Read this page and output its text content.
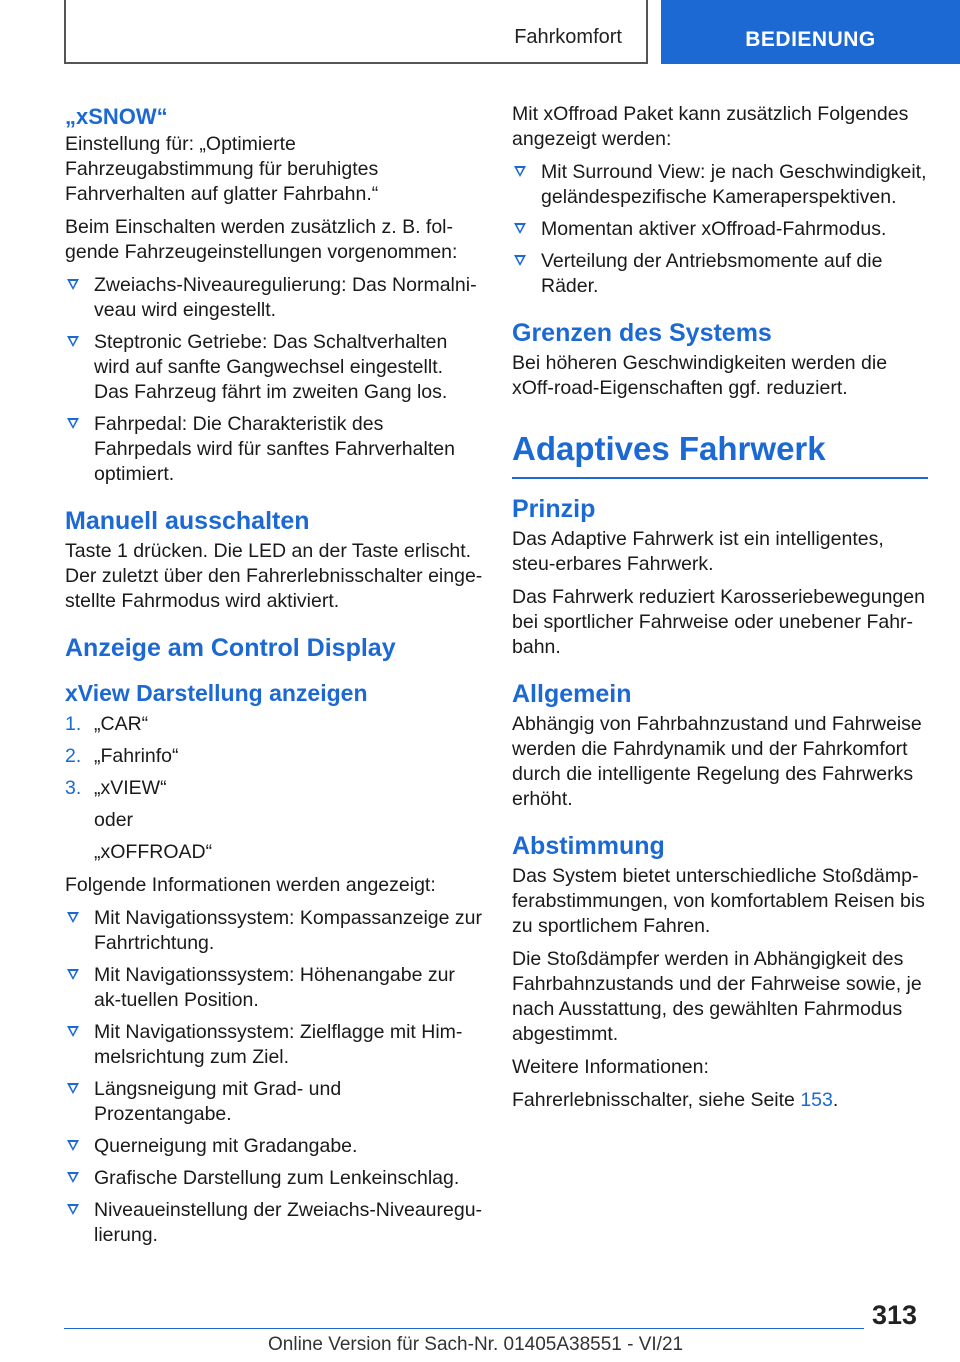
Fahrkomfort	BEDIENUNG
„xSNOW“
Einstellung für: „Optimierte Fahrzeugabstimmung für beruhigtes Fahrverhalten auf glatter Fahrbahn.“
Beim Einschalten werden zusätzlich z. B. fol-gende Fahrzeugeinstellungen vorgenommen:
Zweiachs-Niveauregulierung: Das Normalni-veau wird eingestellt.
Steptronic Getriebe: Das Schaltverhalten wird auf sanfte Gangwechsel eingestellt. Das Fahrzeug fährt im zweiten Gang los.
Fahrpedal: Die Charakteristik des Fahrpedals wird für sanftes Fahrverhalten optimiert.
Manuell ausschalten
Taste 1 drücken. Die LED an der Taste erlischt. Der zuletzt über den Fahrerlebnisschalter einge-stellte Fahrmodus wird aktiviert.
Anzeige am Control Display
xView Darstellung anzeigen
1. „CAR“
2. „Fahrinfo“
3. „xVIEW“
oder
„xOFFROAD“
Folgende Informationen werden angezeigt:
Mit Navigationssystem: Kompassanzeige zur Fahrtrichtung.
Mit Navigationssystem: Höhenangabe zur ak-tuellen Position.
Mit Navigationssystem: Zielflagge mit Him-melsrichtung zum Ziel.
Längsneigung mit Grad- und Prozentangabe.
Querneigung mit Gradangabe.
Grafische Darstellung zum Lenkeinschlag.
Niveaueinstellung der Zweiachs-Niveauregu-lierung.
Mit xOffroad Paket kann zusätzlich Folgendes angezeigt werden:
Mit Surround View: je nach Geschwindigkeit, geländespezifische Kameraperspektiven.
Momentan aktiver xOffroad-Fahrmodus.
Verteilung der Antriebsmomente auf die Räder.
Grenzen des Systems
Bei höheren Geschwindigkeiten werden die xOff-road-Eigenschaften ggf. reduziert.
Adaptives Fahrwerk
Prinzip
Das Adaptive Fahrwerk ist ein intelligentes, steu-erbares Fahrwerk.
Das Fahrwerk reduziert Karosseriebewegungen bei sportlicher Fahrweise oder unebener Fahr-bahn.
Allgemein
Abhängig von Fahrbahnzustand und Fahrweise werden die Fahrdynamik und der Fahrkomfort durch die intelligente Regelung des Fahrwerks erhöht.
Abstimmung
Das System bietet unterschiedliche Stoßdämp-ferabstimmungen, von komfortablem Reisen bis zu sportlichem Fahren.
Die Stoßdämpfer werden in Abhängigkeit des Fahrbahnzustands und der Fahrweise sowie, je nach Ausstattung, des gewählten Fahrmodus abgestimmt.
Weitere Informationen:
Fahrerlebnisschalter, siehe Seite 153.
313
Online Version für Sach-Nr. 01405A38551 - VI/21
